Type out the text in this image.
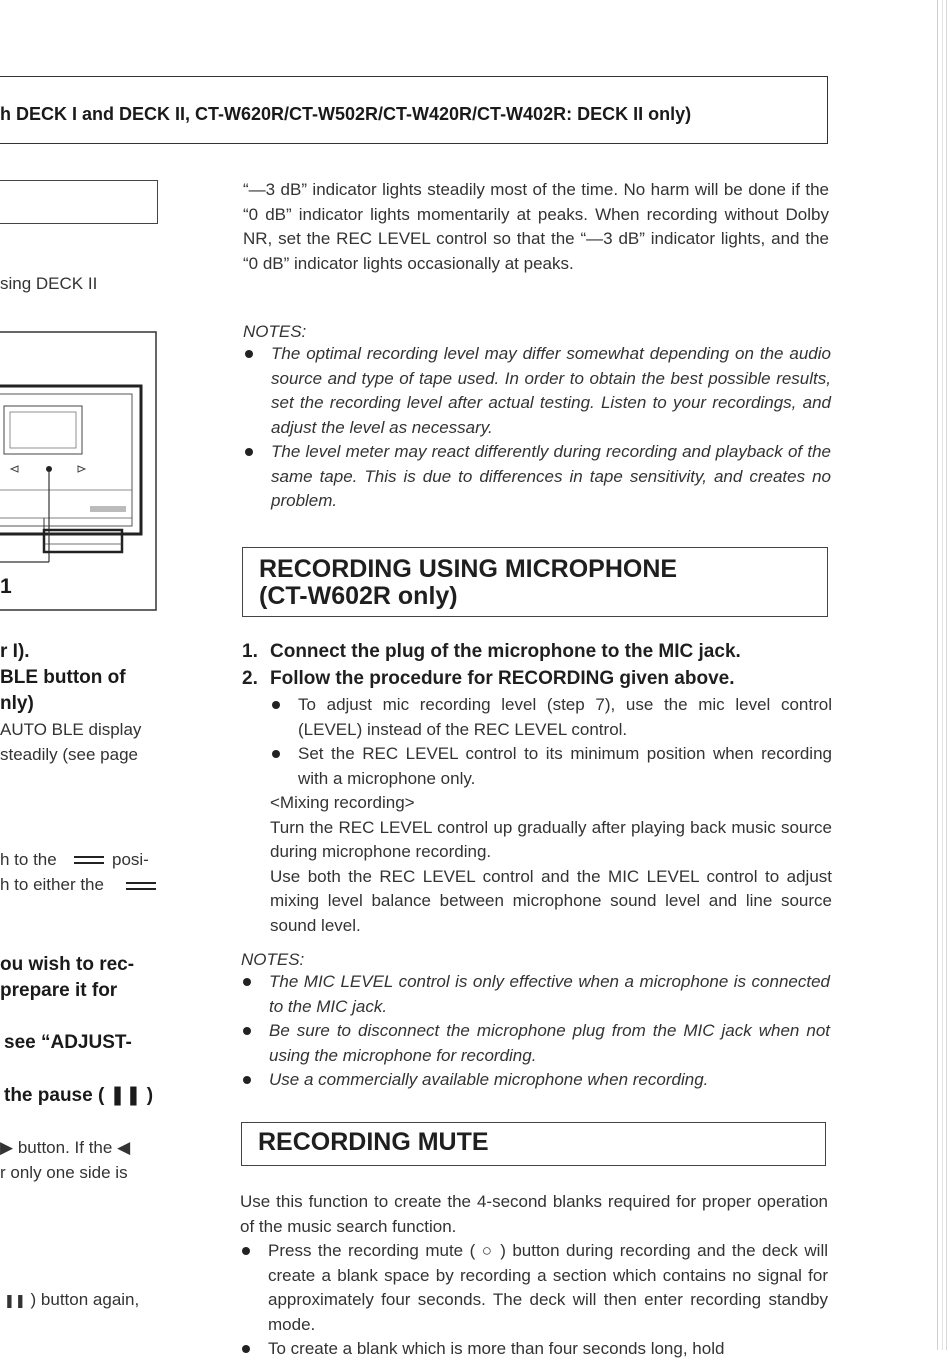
h DECK I and DECK II, CT-W620R/CT-W502R/CT-W420R/CT-W402R: DECK II only)
sing DECK II
1
r I).
BLE button of
nly)
AUTO BLE display
steadily (see page
h to the	posi-
h to either the
ou wish to rec-
prepare it for
see “ADJUST-
the pause ( ❚❚ )
▶ button. If the ◀
r only one side is
❚❚ ) button again,
“—3 dB” indicator lights steadily most of the time. No harm will be done if the “0 dB” indicator lights momentarily at peaks. When recording without Dolby NR, set the REC LEVEL control so that the “—3 dB” indicator lights, and the “0 dB” indicator lights occasionally at peaks.
NOTES:
The optimal recording level may differ somewhat depending on the audio source and type of tape used. In order to obtain the best possible results, set the recording level after actual testing. Listen to your recordings, and adjust the level as necessary.
The level meter may react differently during recording and playback of the same tape. This is due to differences in tape sensitivity, and creates no problem.
RECORDING USING MICROPHONE
(CT-W602R only)
1. Connect the plug of the microphone to the MIC jack.
2. Follow the procedure for RECORDING given above.
To adjust mic recording level (step 7), use the mic level control (LEVEL) instead of the REC LEVEL control.
Set the REC LEVEL control to its minimum position when recording with a microphone only.
<Mixing recording>
Turn the REC LEVEL control up gradually after playing back music source during microphone recording.
Use both the REC LEVEL control and the MIC LEVEL control to adjust mixing level balance between microphone sound level and line source sound level.
NOTES:
The MIC LEVEL control is only effective when a microphone is connected to the MIC jack.
Be sure to disconnect the microphone plug from the MIC jack when not using the microphone for recording.
Use a commercially available microphone when recording.
RECORDING MUTE
Use this function to create the 4-second blanks required for proper operation of the music search function.
Press the recording mute ( ○ ) button during recording and the deck will create a blank space by recording a section which contains no signal for approximately four seconds. The deck will then enter recording standby mode.
To create a blank which is more than four seconds long, hold
